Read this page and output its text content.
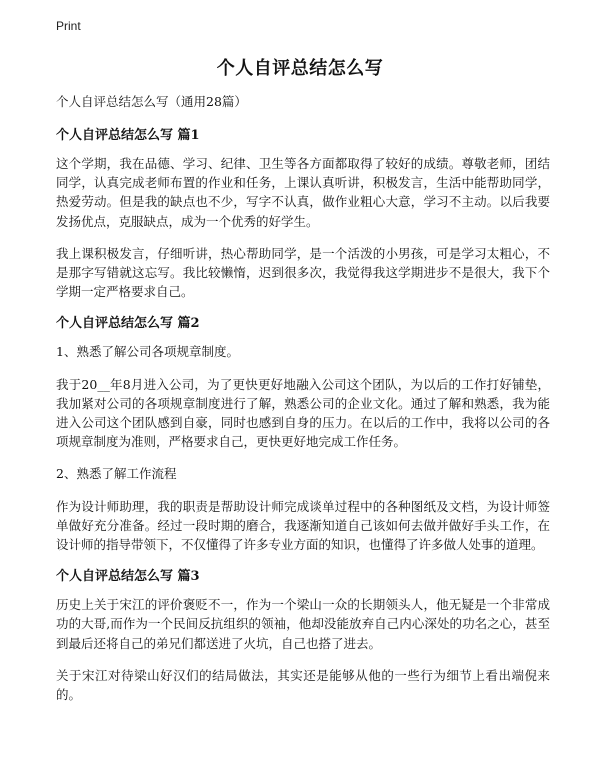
Print
个人自评总结怎么写

个人自评总结怎么写（通用28篇）

个人自评总结怎么写 篇1

这个学期，我在品德、学习、纪律、卫生等各方面都取得了较好的成绩。尊敬老师，团结同学，认真完成老师布置的作业和任务，上课认真听讲，积极发言，生活中能帮助同学，热爱劳动。但是我的缺点也不少，写字不认真，做作业粗心大意，学习不主动。以后我要发扬优点，克服缺点，成为一个优秀的好学生。

我上课积极发言，仔细听讲，热心帮助同学，是一个活泼的小男孩，可是学习太粗心，不是那字写错就这忘写。我比较懒惰，迟到很多次，我觉得我这学期进步不是很大，我下个学期一定严格要求自己。

个人自评总结怎么写 篇2

1、熟悉了解公司各项规章制度。

我于20__年8月进入公司，为了更快更好地融入公司这个团队，为以后的工作打好铺垫，我加紧对公司的各项规章制度进行了解，熟悉公司的企业文化。通过了解和熟悉，我为能进入公司这个团队感到自豪，同时也感到自身的压力。在以后的工作中，我将以公司的各项规章制度为准则，严格要求自己，更快更好地完成工作任务。

2、熟悉了解工作流程

作为设计师助理，我的职责是帮助设计师完成谈单过程中的各种图纸及文档，为设计师签单做好充分准备。经过一段时期的磨合，我逐渐知道自己该如何去做并做好手头工作，在设计师的指导带领下，不仅懂得了许多专业方面的知识，也懂得了许多做人处事的道理。

个人自评总结怎么写 篇3

历史上关于宋江的评价褒贬不一，作为一个梁山一众的长期领头人，他无疑是一个非常成功的大哥,而作为一个民间反抗组织的领袖，他却没能放弃自己内心深处的功名之心，甚至到最后还将自己的弟兄们都送进了火坑，自己也搭了进去。

关于宋江对待梁山好汉们的结局做法，其实还是能够从他的一些行为细节上看出端倪来的。
